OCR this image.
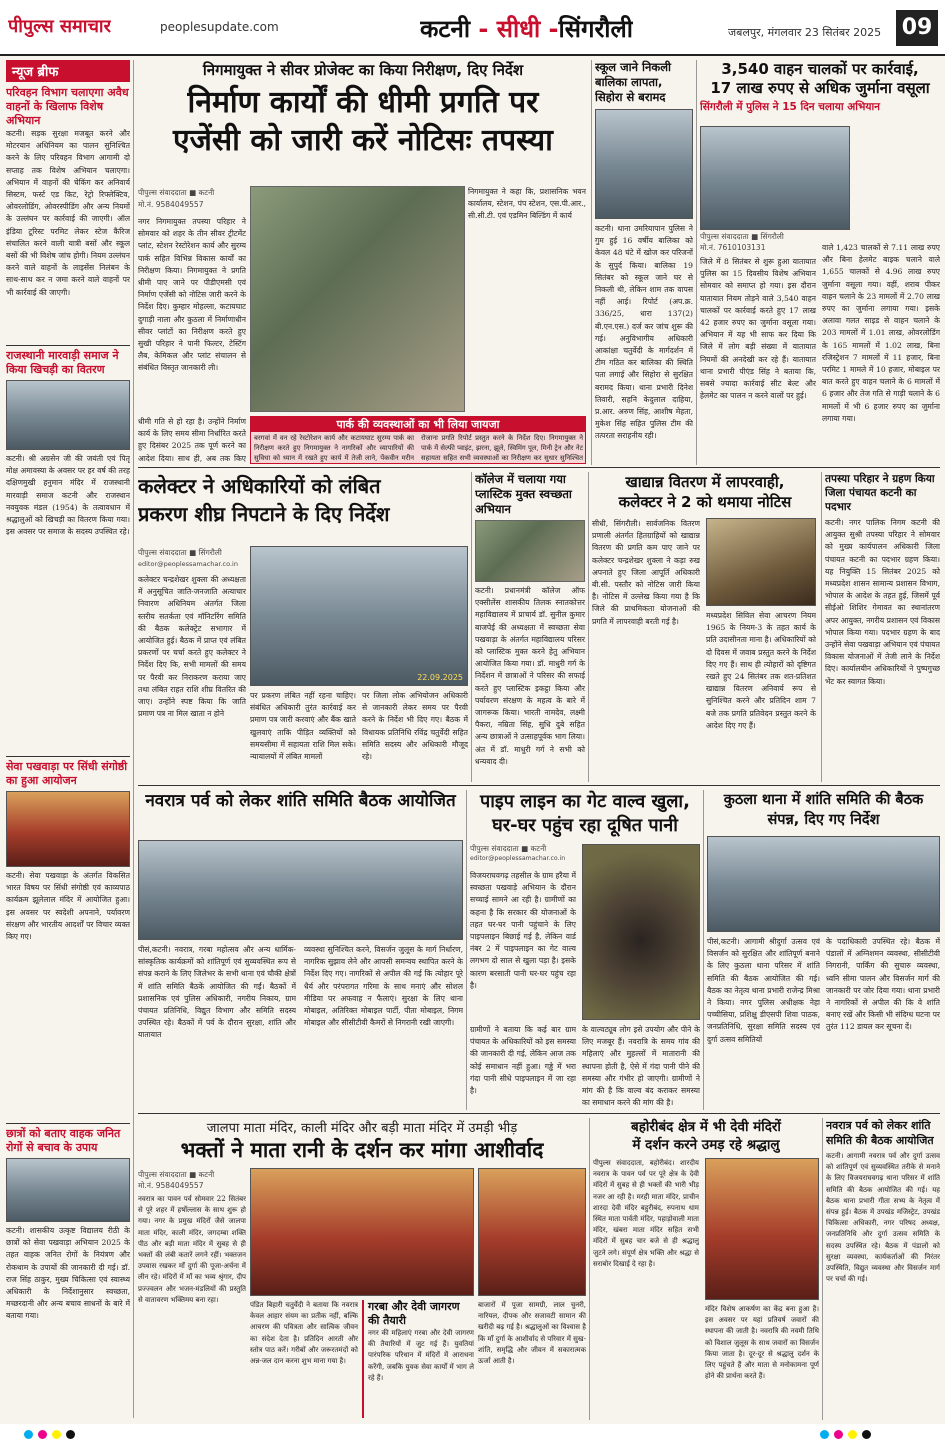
पीपुल्स समाचार	peoplesupdate.com	कटनी - सीधी -सिंगरौली	जबलपुर, मंगलवार 23 सितंबर 2025 09
न्यूज ब्रीफ
परिवहन विभाग चलाएगा अवैध वाहनों के खिलाफ विशेष अभियान
कटनी। सड़क सुरक्षा मजबूत करने और मोटरयान अधिनियम का पालन सुनिश्चित करने के लिए परिवहन विभाग आगामी दो सप्ताह तक विशेष अभियान चलाएगा। अभियान में वाहनों की चेकिंग कर अनिवार्य सिस्टम, फर्स्ट एड किट, रेट्रो रिफ्लेक्टिव, ओवरलोडिंग, ओवरस्पीडिंग और अन्य नियमों के उल्लंघन पर कार्रवाई की जाएगी। ऑल इंडिया टूरिस्ट परमिट लेकर स्टेज कैरिज संचालित करने वाली यात्री बसों और स्कूल बसों की भी विशेष जांच होगी। नियम उल्लंघन करने वाले वाहनों के लाइसेंस निलंबन के साथ-साथ कर न जमा करने वाले वाहनों पर भी कार्रवाई की जाएगी।
राजस्थानी मारवाड़ी समाज ने किया खिचड़ी का वितरण
कटनी। श्री अग्रसेन जी की जयंती एवं पितृ मोक्ष अमावस्या के अवसर पर हर वर्ष की तरह दक्षिणमुखी हनुमान मंदिर में राजस्थानी मारवाड़ी समाज कटनी और राजस्थान नवयुवक मंडल (1954) के तत्वावधान में श्रद्धालुओं को खिचड़ी का वितरण किया गया। इस अवसर पर समाज के सदस्य उपस्थित रहे।
सेवा पखवाड़ा पर सिंधी संगोष्ठी का हुआ आयोजन
कटनी। सेवा पखवाड़ा के अंतर्गत विकसित भारत विषय पर सिंधी संगोष्ठी एवं काव्यपाठ कार्यक्रम झूलेलाल मंदिर में आयोजित हुआ। इस अवसर पर स्वदेशी अपनाने, पर्यावरण संरक्षण और भारतीय आदर्शों पर विचार व्यक्त किए गए।
छात्रों को बताए वाहक जनित रोगों से बचाव के उपाय
कटनी। शासकीय उत्कृष्ट विद्यालय रीठी के छात्रों को सेवा पखवाड़ा अभियान 2025 के तहत वाहक जनित रोगों के नियंत्रण और रोकथाम के उपायों की जानकारी दी गई। डॉ. राज सिंह ठाकुर, मुख्य चिकित्सा एवं स्वास्थ्य अधिकारी के निर्देशानुसार स्वच्छता, मच्छरदानी और अन्य बचाव साधनों के बारे में बताया गया।
निगमायुक्त ने सीवर प्रोजेक्ट का किया निरीक्षण, दिए निर्देश
निर्माण कार्यों की धीमी प्रगति पर
एजेंसी को जारी करें नोटिसः तपस्या
पीपुल्स संवाददाता ■ कटनी
मो.नं. 9584049557
नगर निगमायुक्त तपस्या परिहार ने सोमवार को शहर के तीन सीवर ट्रीटमेंट प्लांट, स्टेशन रेस्टोरेशन कार्य और सुरम्य पार्क सहित विभिन्न विकास कार्यों का निरीक्षण किया। निगमायुक्त ने प्रगति धीमी पाए जाने पर पीडीएमसी एवं निर्माण एजेंसी को नोटिस जारी करने के निर्देश दिए। कुम्हार मोहल्ला, कटायघाट दुगाड़ी नाला और कुठला में निर्माणाधीन सीवर प्लांटों का निरीक्षण करते हुए सुखी परिहार ने पानी फिल्टर, टेस्टिंग लैब, केमिकल और प्लांट संचालन से संबंधित विस्तृत जानकारी ली।
निगमायुक्त ने कहा कि, प्रशासनिक भवन कार्यालय, स्टेशन, पंप स्टेशन, एस.पी.आर., सी.सी.टी. एवं एडमिन बिल्डिंग में कार्य
धीमी गति से हो रहा है। उन्होंने निर्माण कार्य के लिए समय सीमा निर्धारित करते हुए दिसंबर 2025 तक पूर्ण करने का आदेश दिया। साथ ही, अब तक किए
पार्क की व्यवस्थाओं का भी लिया जायजा
बरगवां में वन रहे रेस्टोरेशन कार्य और कटायघाट सुरम्य पार्क का निरीक्षण करते हुए निगमायुक्त ने नागरिकों और व्यापारियों की सुविधा को ध्यान में रखते हुए कार्य में तेजी लाने, पेंकवीन मरीन
रोजाना प्रगति रिपोर्ट प्रस्तुत करने के निर्देश दिए। निगमायुक्त ने पार्क में सेल्फी प्वाइंट, झरना, झूले, स्विमिंग पूल, मिनी ट्रेन और नेट सहायता सहित सभी व्यवस्थाओं का निरीक्षण कर सुधार सुनिश्चित
स्कूल जाने निकली बालिका लापता, सिहोरा से बरामद
कटनी। थाना उमरियापान पुलिस ने गुम हुई 16 वर्षीय बालिका को केवल 48 घंटे में खोज कर परिजनों के सुपुर्द किया। बालिका 19 सितंबर को स्कूल जाने घर से निकली थी, लेकिन शाम तक वापस नहीं आई। रिपोर्ट (अप.क्र. 336/25, धारा 137(2) बी.एन.एस.) दर्ज कर जांच शुरू की गई। अनुविभागीय अधिकारी आकांक्षा चतुर्वेदी के मार्गदर्शन में टीम गठित कर बालिका की स्थिति पता लगाई और सिहोरा से सुरक्षित बरामद किया। थाना प्रभारी दिनेश तिवारी, सहनि केदुलाल दाहिया, प्र.आर. अरुण सिंह, आशीष मेहता, मुकेश सिंह सहित पुलिस टीम की तत्परता सराहनीय रही।
3,540 वाहन चालकों पर कार्रवाई,
17 लाख रुपए से अधिक जुर्माना वसूला
सिंगरौली में पुलिस ने 15 दिन चलाया अभियान
पीपुल्स संवाददाता ■ सिंगरौली
मो.नं. 7610103131
जिले में 8 सितंबर से शुरू हुआ यातायात पुलिस का 15 दिवसीय विशेष अभियान सोमवार को समाप्त हो गया। इस दौरान यातायात नियम तोड़ने वाले 3,540 वाहन चालकों पर कार्रवाई करते हुए 17 लाख 42 हजार रुपए का जुर्माना वसूला गया। अभियान में यह भी साफ कर दिया कि जिले में लोग बड़ी संख्या में यातायात नियमों की अनदेखी कर रहे हैं। यातायात थाना प्रभारी पीएंड सिंह ने बताया कि, सबसे ज्यादा कार्रवाई सीट बेल्ट और हेलमेट का पालन न करने वालों पर हुई।
वाले 1,423 चालकों से 7.11 लाख रुपए और बिना हेलमेट बाइक चलाने वाले 1,655 चालकों से 4.96 लाख रुपए जुर्माना वसूला गया। वहीं, शराब पीकर वाहन चलाने के 23 मामलों में 2.70 लाख रुपए का जुर्माना लगाया गया। इसके अलावा गलत साइड से वाहन चलाने के 203 मामलों में 1.01 लाख, ओवरलोडिंग के 165 मामलों में 1.02 लाख, बिना रजिस्ट्रेशन 7 मामलों में 11 हजार, बिना परमिट 1 मामले में 10 हजार, मोबाइल पर बात करते हुए वाहन चलाने के 6 मामलों में 6 हजार और तेज गति से गाड़ी चलाने के 6 मामलों में भी 6 हजार रुपए का जुर्माना लगाया गया।
कलेक्टर ने अधिकारियों को लंबित
प्रकरण शीघ्र निपटाने के दिए निर्देश
पीपुल्स संवाददाता ■ सिंगरौली
editor@peoplessamachar.co.in
22.09.2025
कलेक्टर चन्द्रशेखर शुक्ला की अध्यक्षता में अनुसूचित जाति-जनजाति अत्याचार निवारण अधिनियम अंतर्गत जिला स्तरीय सतर्कता एवं मॉनिटरिंग समिति की बैठक कलेक्ट्रेट सभागार में आयोजित हुई। बैठक में प्राप्त एवं लंबित प्रकरणों पर चर्चा करते हुए कलेक्टर ने निर्देश दिए कि, सभी मामलों की समय पर पैरवी कर निराकरण कराया जाए तथा लंबित राहत राशि शीघ्र वितरित की जाए। उन्होंने स्पष्ट किया कि जाति प्रमाण पत्र ना मिल खाता न होने
पर प्रकरण लंबित नहीं रहना चाहिए। संबंधित अधिकारी तुरंत कार्रवाई कर प्रमाण पत्र जारी करवाएं और बैंक खाते खुलवाएं ताकि पीड़ित व्यक्तियों को समयसीमा में सहायता राशि मिल सके। न्यायालयों में लंबित मामलों
पर जिला लोक अभियोजन अधिकारी से जानकारी लेकर समय पर पैरवी करने के निर्देश भी दिए गए। बैठक में विधायक प्रतिनिधि रविंद्र चतुर्वेदी सहित समिति सदस्य और अधिकारी मौजूद रहे।
कॉलेज में चलाया गया प्लास्टिक मुक्त स्वच्छता अभियान
कटनी। प्रधानमंत्री कॉलेज ऑफ एक्सीलेंस शासकीय तिलक स्नातकोत्तर महाविद्यालय में प्राचार्य डॉ. सुनील कुमार बाजपेई की अध्यक्षता में स्वच्छता सेवा पखवाड़ा के अंतर्गत महाविद्यालय परिसर को प्लास्टिक मुक्त करने हेतु अभियान आयोजित किया गया। डॉ. माधुरी गर्ग के निर्देशन में छात्राओं ने परिसर की सफाई करते हुए प्लास्टिक इकट्ठा किया और पर्यावरण संरक्षण के महत्व के बारे में जागरूक किया। भारती नामदेव, लक्ष्मी पैकरा, नम्रिता सिंह, सुधि दुबे सहित अन्य छात्राओं ने उत्साहपूर्वक भाग लिया। अंत में डॉ. माधुरी गर्ग ने सभी को धन्यवाद दी।
खाद्यान्न वितरण में लापरवाही,
कलेक्टर ने 2 को थमाया नोटिस
सीधी, सिंगरौली। सार्वजनिक वितरण प्रणाली अंतर्गत हितग्राहियों को खाद्यान्न वितरण की प्रगति कम पाए जाने पर कलेक्टर चन्द्रशेखर शुक्ला ने कड़ा रुख अपनाते हुए जिला आपूर्ति अधिकारी बी.सी. पस्तौर को नोटिस जारी किया है। नोटिस में उल्लेख किया गया है कि जिले की प्राथमिकता योजनाओं की प्रगति में लापरवाही बरती गई है।
मध्यप्रदेश सिविल सेवा आचरण नियम 1965 के नियम-3 के तहत कार्य के प्रति उदासीनता माना है। अधिकारियों को दो दिवस में जवाब प्रस्तुत करने के निर्देश दिए गए हैं। साथ ही त्योहारों को दृष्टिगत रखते हुए 24 सितंबर तक शत-प्रतिशत खाद्यान्न वितरण अनिवार्य रूप से सुनिश्चित करने और प्रतिदिन शाम 7 बजे तक प्रगति प्रतिवेदन प्रस्तुत करने के आदेश दिए गए हैं।
तपस्या परिहार ने ग्रहण किया जिला पंचायत कटनी का पदभार
कटनी। नगर पालिक निगम कटनी की आयुक्त सुश्री तपस्या परिहार ने सोमवार को मुख्य कार्यपालन अधिकारी जिला पंचायत कटनी का पदभार ग्रहण किया। यह नियुक्ति 15 सितंबर 2025 को मध्यप्रदेश शासन सामान्य प्रशासन विभाग, भोपाल के आदेश के तहत हुई, जिसमें पूर्व सीईओ शिशिर गेमावत का स्थानांतरण अपर आयुक्त, नगरीय प्रशासन एवं विकास भोपाल किया गया। पदभार ग्रहण के बाद उन्होंने सेवा पखवाड़ा अभियान एवं पंचायत विकास योजनाओं में तेजी लाने के निर्देश दिए। कार्यालयीन अधिकारियों ने पुष्पगुच्छ भेंट कर स्वागत किया।
नवरात्र पर्व को लेकर शांति समिति बैठक आयोजित
पीसं,कटनी। नवरात्र, गरबा महोत्सव और अन्य धार्मिक-सांस्कृतिक कार्यक्रमों को शांतिपूर्ण एवं सुव्यवस्थित रूप से संपन्न कराने के लिए जिलेभर के सभी थाना एवं चौकी क्षेत्रों में शांति समिति बैठकें आयोजित की गईं। बैठकों में प्रशासनिक एवं पुलिस अधिकारी, नगरीय निकाय, ग्राम पंचायत प्रतिनिधि, विद्युत विभाग और समिति सदस्य उपस्थित रहे। बैठकों में पर्व के दौरान सुरक्षा, शांति और यातायात
व्यवस्था सुनिश्चित करने, विसर्जन जुलूस के मार्ग निर्धारण, नागरिक सुझाव लेने और आपसी समन्वय स्थापित करने के निर्देश दिए गए। नागरिकों से अपील की गई कि त्योहार पूरे धैर्य और परंपरागत गरिमा के साथ मनाएं और सोशल मीडिया पर अफवाह न फैलाएं। सुरक्षा के लिए थाना मोबाइल, अतिरिक्त मोबाइल पार्टी, पीता मोबाइल, निगम मोबाइल और सीसीटीवी कैमरों से निगरानी रखी जाएगी।
पाइप लाइन का गेट वाल्व खुला,
घर-घर पहुंच रहा दूषित पानी
पीपुल्स संवाददाता ■ कटनी
editor@peoplessamachar.co.in
विजयराघवगढ़ तहसील के ग्राम हरैया में स्वच्छता पखवाड़े अभियान के दौरान सच्चाई सामने आ रही है। ग्रामीणों का कहना है कि सरकार की योजनाओं के तहत घर-घर पानी पहुंचाने के लिए पाइपलाइन बिछाई गई है, लेकिन वार्ड नंबर 2 में पाइपलाइन का गेट वाल्व लगभग दो साल से खुला पड़ा है। इसके कारण बरसाती पानी घर-घर पहुंच रहा है।
ग्रामीणों ने बताया कि कई बार ग्राम पंचायत के अधिकारियों को इस समस्या की जानकारी दी गई, लेकिन आज तक कोई समाधान नहीं हुआ। गड्ढे में भरा गंदा पानी सीधे पाइपलाइन में जा रहा है।
के वाल्वट्यूब लोग इसे उपयोग और पीने के लिए मजबूर हैं। नवरात्रि के समय गांव की महिलाएं और मुहल्लों में मातारानी की स्थापना होती है, ऐसे में गंदा पानी पीने की समस्या और गंभीर हो जाएगी। ग्रामीणों ने मांग की है कि वाल्व बंद कराकर समस्या का समाधान करने की मांग की है।
कुठला थाना में शांति समिति की बैठक संपन्न, दिए गए निर्देश
पीसं,कटनी। आगामी श्रीदुर्गा उत्सव एवं विसर्जन को सुरक्षित और शांतिपूर्ण बनाने के लिए कुठला थाना परिसर में शांति समिति की बैठक आयोजित की गई। बैठक का नेतृत्व थाना प्रभारी राजेन्द्र मिश्रा ने किया। नगर पुलिस अधीक्षक नेहा पच्चीसिया, प्रशिक्षु डीएसपी शिवा पाठक, जनप्रतिनिधि, सुरक्षा समिति सदस्य एवं दुर्गा उत्सव समितियों
के पदाधिकारी उपस्थित रहे। बैठक में पंडालों में अग्निशमन व्यवस्था, सीसीटीवी निगरानी, पार्किंग की सुचारु व्यवस्था, ध्वनि सीमा पालन और विसर्जन मार्ग की जानकारी पर जोर दिया गया। थाना प्रभारी ने नागरिकों से अपील की कि वे शांति बनाए रखें और किसी भी संदिग्ध घटना पर तुरंत 112 डायल कर सूचना दें।
जालपा माता मंदिर, काली मंदिर और बड़ी माता मंदिर में उमड़ी भीड़
भक्तों ने माता रानी के दर्शन कर मांगा आशीर्वाद
पीपुल्स संवाददाता ■ कटनी
मो.नं. 9584049557
नवरात्र का पावन पर्व सोमवार 22 सितंबर से पूरे शहर में हर्षोल्लास के साथ शुरू हो गया। नगर के प्रमुख मंदिरों जैसे जालपा माता मंदिर, काली मंदिर, जगदम्बा शक्ति पीठ और बड़ी माता मंदिर में सुबह से ही भक्तों की लंबी कतारें लगने रहीं। भक्तजन उपवास रखकर माँ दुर्गा की पूजा-अर्चना में लीन रहे। मंदिरों में माँ का भव्य श्रृंगार, दीप प्रज्ज्वलन और भजन-मंडलियों की प्रस्तुति से वातावरण भक्तिमय बना रहा।
पंडित बिहारी चतुर्वेदी ने बताया कि नवरात्र केवल आहार संयम का प्रतीक नहीं, बल्कि आचरण की पवित्रता और सात्विक जीवन का संदेश देता है। प्रतिदिन आरती और स्तोत्र पाठ करें। गरीबों और जरूरतमंदों को अन्न-जल दान करना शुभ माना गया है।
गरबा और देवी जागरण की तैयारी
नगर की महिलाएं गरबा और देवी जागरण की तैयारियों में जुट गई हैं। युवतियां पारंपरिक परिधान में मंदिरों में आराधना करेंगी, जबकि युवक सेवा कार्यों में भाग ले रहे हैं।
बाजारों में पूजा सामग्री, लाल चुनरी, नारियल, दीपक और सजावटी सामान की खरीदी बढ़ गई है। श्रद्धालुओं का विश्वास है कि माँ दुर्गा के आशीर्वाद से परिवार में सुख-शांति, समृद्धि और जीवन में सकारात्मक ऊर्जा आती है।
बहोरीबंद क्षेत्र में भी देवी मंदिरों
में दर्शन करने उमड़ रहे श्रद्धालु
पीपुल्स संवाददाता, बहोरीबंद। शारदीय नवरात्र के पावन पर्व पर पूरे क्षेत्र के देवी मंदिरों में सुबह से ही भक्तों की भारी भीड़ नजर आ रही है। मरही माता मंदिर, प्राचीन शारदा देवी मंदिर बहुरीबंद, रुपनाथ धाम स्थित माता पार्वती मंदिर, पहाड़ोवाली माता मंदिर, खंबरा माता मंदिर सहित सभी मंदिरों में सुबह चार बजे से ही श्रद्धालु जुटने लगे। संपूर्ण क्षेत्र भक्ति और श्रद्धा से सराबोर दिखाई दे रहा है।
मंदिर विशेष आकर्षण का केंद्र बना हुआ है। इस अवसर पर यहां प्रतिवर्ष जवारों की स्थापना की जाती है। नवरात्रि की नवमी तिथि को विशाल जुलूस के साथ जवारों का विसर्जन किया जाता है। दूर-दूर से श्रद्धालु दर्शन के लिए पहुंचते हैं और माता से मनोकामना पूर्ण होने की प्रार्थना करते हैं।
नवरात्र पर्व को लेकर शांति समिति की बैठक आयोजित
कटनी। आगामी नवरात्र पर्व और दुर्गा उत्सव को शांतिपूर्ण एवं सुव्यवस्थित तरीके से मनाने के लिए विजयराघवगढ़ थाना परिसर में शांति समिति की बैठक आयोजित की गई। यह बैठक थाना प्रभारी गीता सभ्य के नेतृत्व में संपन्न हुई। बैठक में उपखंड मजिस्ट्रेट, उपखंड चिकित्सा अधिकारी, नगर परिषद अध्यक्ष, जनप्रतिनिधि और दुर्गा उत्सव समिति के सदस्य उपस्थित रहे। बैठक में पंडालों को सुरक्षा व्यवस्था, कार्यकर्ताओं की निरंतर उपस्थिति, विद्युत व्यवस्था और विसर्जन मार्ग पर चर्चा की गई।
